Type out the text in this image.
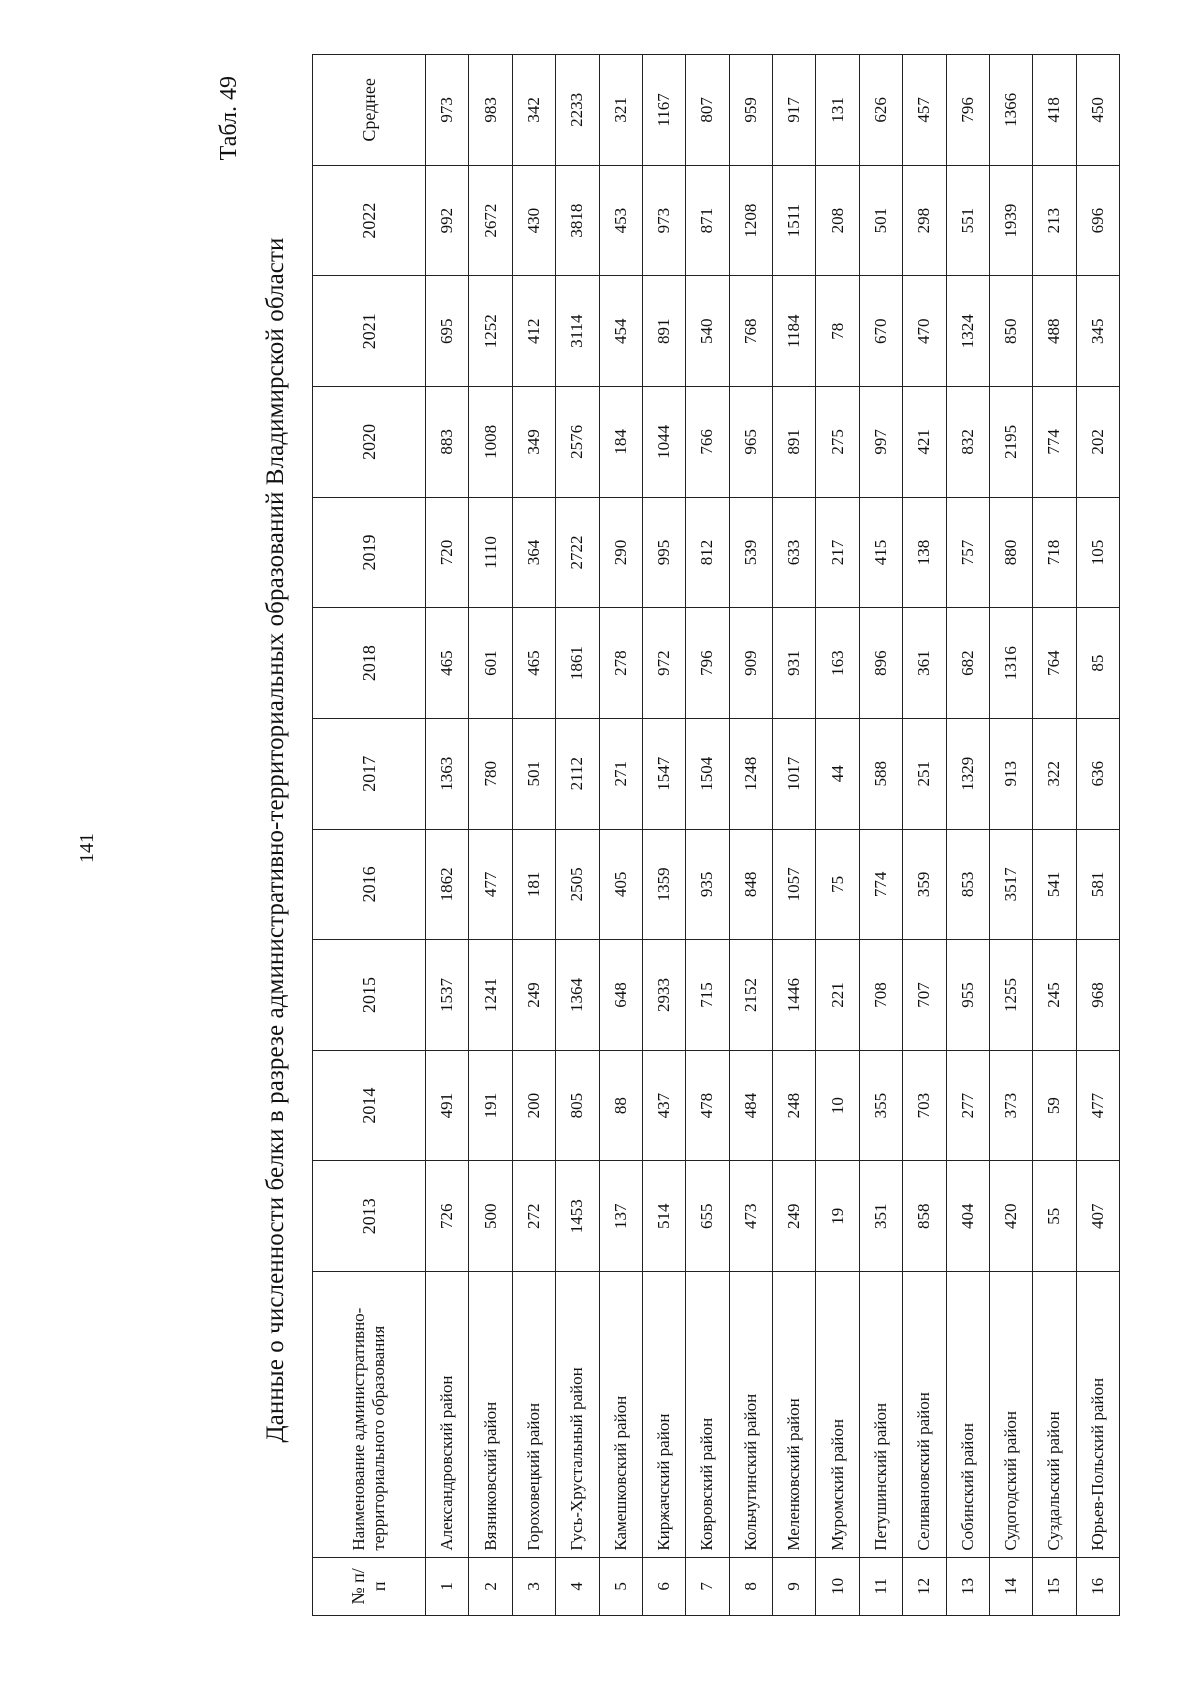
141
Табл. 49
Данные о численности белки в разрезе административно-территориальных образований Владимирской области
№ п/п	Наименование административно-территориального образования	2013	2014	2015	2016	2017	2018	2019	2020	2021	2022	Среднее
1	Александровский район	726	491	1537	1862	1363	465	720	883	695	992	973
2	Вязниковский район	500	191	1241	477	780	601	1110	1008	1252	2672	983
3	Гороховецкий район	272	200	249	181	501	465	364	349	412	430	342
4	Гусь-Хрустальный район	1453	805	1364	2505	2112	1861	2722	2576	3114	3818	2233
5	Камешковский район	137	88	648	405	271	278	290	184	454	453	321
6	Киржачский район	514	437	2933	1359	1547	972	995	1044	891	973	1167
7	Ковровский район	655	478	715	935	1504	796	812	766	540	871	807
8	Кольчугинский район	473	484	2152	848	1248	909	539	965	768	1208	959
9	Меленковский район	249	248	1446	1057	1017	931	633	891	1184	1511	917
10	Муромский район	19	10	221	75	44	163	217	275	78	208	131
11	Петушинский район	351	355	708	774	588	896	415	997	670	501	626
12	Селивановский район	858	703	707	359	251	361	138	421	470	298	457
13	Собинский район	404	277	955	853	1329	682	757	832	1324	551	796
14	Судогодский район	420	373	1255	3517	913	1316	880	2195	850	1939	1366
15	Суздальский район	55	59	245	541	322	764	718	774	488	213	418
16	Юрьев-Польский район	407	477	968	581	636	85	105	202	345	696	450
